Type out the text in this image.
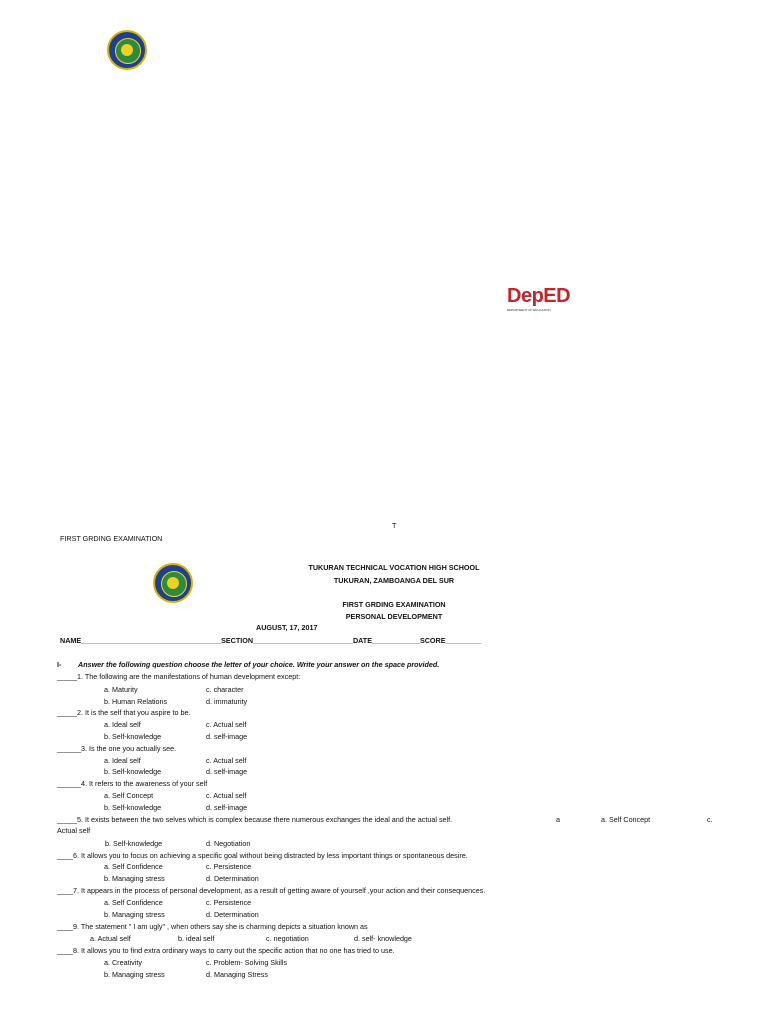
DepED
DEPARTMENT OF EDUCATION
T
FIRST GRDING EXAMINATION
TUKURAN TECHNICAL VOCATION HIGH SCHOOL
TUKURAN, ZAMBOANGA DEL SUR
FIRST GRDING EXAMINATION
PERSONAL DEVELOPMENT
AUGUST, 17, 2017
NAME___________________________________SECTION_________________________DATE____________SCORE_________
I- Answer the following question choose the letter of your choice. Write your answer on the space provided.
_____1. The following are the manifestations of human development except:
a. Maturity	c. character
b. Human Relations	d. immaturity
_____2. It is the self that you aspire to be.
a. Ideal self	c. Actual self
b. Self-knowledge	d. self-image
______3. Is the one you actually see.
a. Ideal self	c. Actual self
b. Self-knowledge	d. self-image
______4. It refers to the awareness of your self
a. Self Concept	c. Actual self
b. Self-knowledge	d. self-image
_____5. It exists between the two selves which is complex because there numerous exchanges the ideal and the actual self.	a	a. Self Concept	c.
Actual self
b. Self-knowledge	d. Negotiation
____6. It allows you to focus on achieving a specific goal without being distracted by less important things or spontaneous desire.
a. Self Confidence	c. Persistence
b. Managing stress	d. Determination
____7. It appears in the process of personal development, as a result of getting aware of yourself ,your action and their consequences.
a. Self Confidence	c. Persistence
b. Managing stress	d. Determination
____9. The statement " I am ugly" , when others say she is charming depicts a situation known as
a. Actual self	b. ideal self	c. negotiation	d. self- knowledge
____8. It allows you to find extra ordinary ways to carry out the specific action that no one has tried to use.
a. Creativity	c. Problem- Solving Skills
b. Managing stress	d. Managing Stress
